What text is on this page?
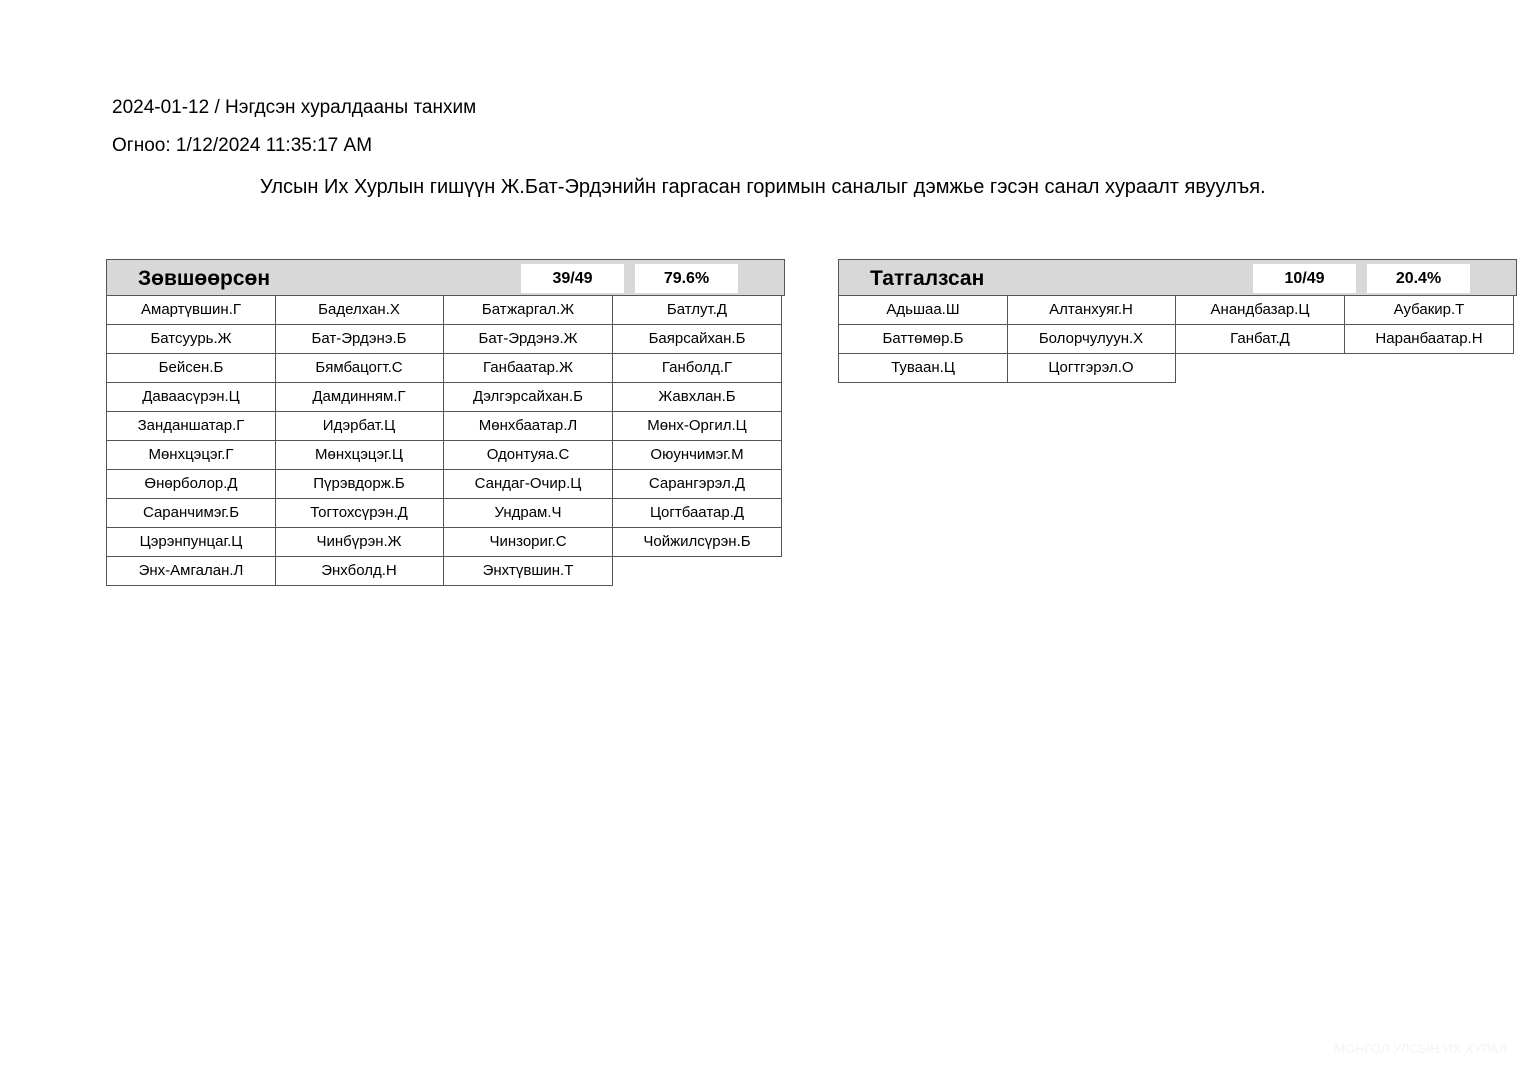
2024-01-12 / Нэгдсэн хуралдааны танхим
Огноо: 1/12/2024 11:35:17 AM
Улсын Их Хурлын гишүүн Ж.Бат-Эрдэнийн гаргасан горимын саналыг дэмжье гэсэн санал хураалт явуулъя.
Зөвшөөрсөн	39/49	79.6%
Амартүвшин.Г	Баделхан.Х	Батжаргал.Ж	Батлут.Д
Батсуурь.Ж	Бат-Эрдэнэ.Б	Бат-Эрдэнэ.Ж	Баярсайхан.Б
Бейсен.Б	Бямбацогт.С	Ганбаатар.Ж	Ганболд.Г
Даваасүрэн.Ц	Дамдинням.Г	Дэлгэрсайхан.Б	Жавхлан.Б
Занданшатар.Г	Идэрбат.Ц	Мөнхбаатар.Л	Мөнх-Оргил.Ц
Мөнхцэцэг.Г	Мөнхцэцэг.Ц	Одонтуяа.С	Оюунчимэг.М
Өнөрболор.Д	Пүрэвдорж.Б	Сандаг-Очир.Ц	Сарангэрэл.Д
Саранчимэг.Б	Тогтохсүрэн.Д	Ундрам.Ч	Цогтбаатар.Д
Цэрэнпунцаг.Ц	Чинбүрэн.Ж	Чинзориг.С	Чойжилсүрэн.Б
Энх-Амгалан.Л	Энхболд.Н	Энхтүвшин.Т
Татгалзсан	10/49	20.4%
Адьшаа.Ш	Алтанхуяг.Н	Анандбазар.Ц	Аубакир.Т
Баттөмөр.Б	Болорчулуун.Х	Ганбат.Д	Наранбаатар.Н
Туваан.Ц	Цогтгэрэл.О
МОНГОЛ УЛСЫН ИХ ХУРАЛ
